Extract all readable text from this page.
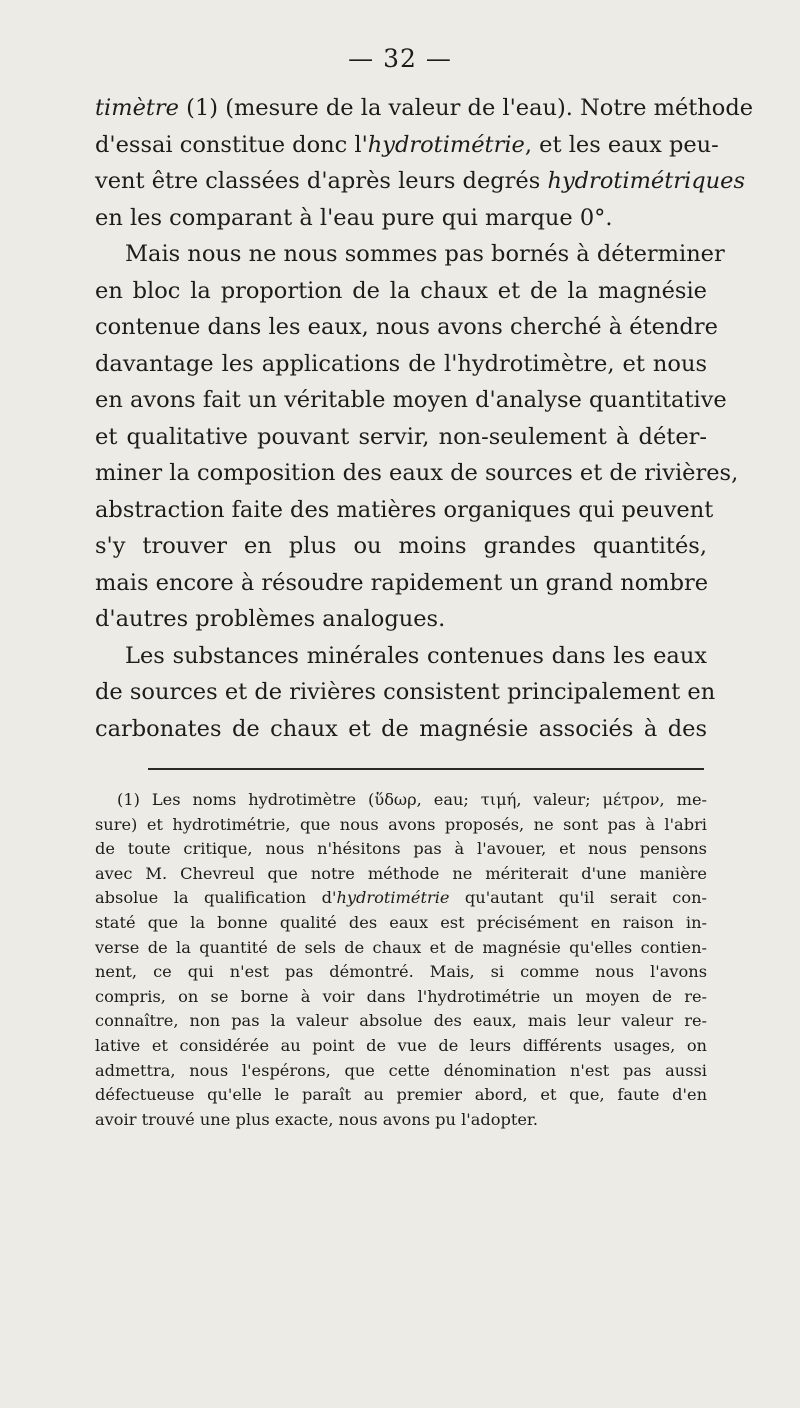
— 32 —
timètre (1) (mesure de la valeur de l'eau). Notre méthode
d'essai constitue donc l'hydrotimétrie, et les eaux peu-
vent être classées d'après leurs degrés hydrotimétriques
en les comparant à l'eau pure qui marque 0°.
Mais nous ne nous sommes pas bornés à déterminer
en bloc la proportion de la chaux et de la magnésie
contenue dans les eaux, nous avons cherché à étendre
davantage les applications de l'hydrotimètre, et nous
en avons fait un véritable moyen d'analyse quantitative
et qualitative pouvant servir, non-seulement à déter-
miner la composition des eaux de sources et de rivières,
abstraction faite des matières organiques qui peuvent
s'y trouver en plus ou moins grandes quantités,
mais encore à résoudre rapidement un grand nombre
d'autres problèmes analogues.
Les substances minérales contenues dans les eaux
de sources et de rivières consistent principalement en
carbonates de chaux et de magnésie associés à des
(1) Les noms hydrotimètre (ὕδωρ, eau; τιμή, valeur; μέτρον, me-
sure) et hydrotimétrie, que nous avons proposés, ne sont pas à l'abri
de toute critique, nous n'hésitons pas à l'avouer, et nous pensons
avec M. Chevreul que notre méthode ne mériterait d'une manière
absolue la qualification d'hydrotimétrie qu'autant qu'il serait con-
staté que la bonne qualité des eaux est précisément en raison in-
verse de la quantité de sels de chaux et de magnésie qu'elles contien-
nent, ce qui n'est pas démontré. Mais, si comme nous l'avons
compris, on se borne à voir dans l'hydrotimétrie un moyen de re-
connaître, non pas la valeur absolue des eaux, mais leur valeur re-
lative et considérée au point de vue de leurs différents usages, on
admettra, nous l'espérons, que cette dénomination n'est pas aussi
défectueuse qu'elle le paraît au premier abord, et que, faute d'en
avoir trouvé une plus exacte, nous avons pu l'adopter.
